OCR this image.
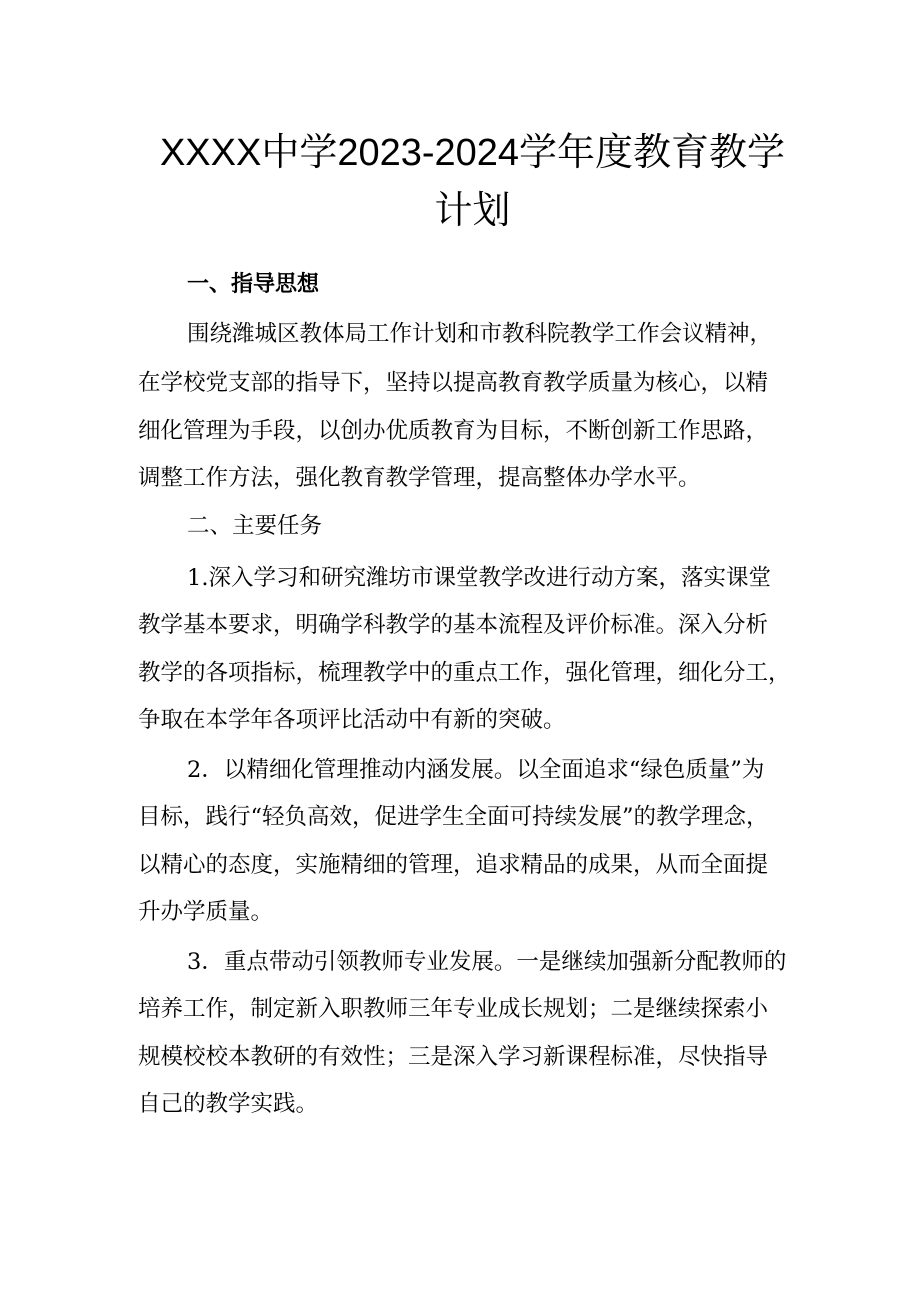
XXXX中学2023-2024学年度教育教学
计划
一、指导思想
围绕潍城区教体局工作计划和市教科院教学工作会议精神，
在学校党支部的指导下，坚持以提高教育教学质量为核心，以精
细化管理为手段，以创办优质教育为目标，不断创新工作思路，
调整工作方法，强化教育教学管理，提高整体办学水平。
二、主要任务
1.深入学习和研究潍坊市课堂教学改进行动方案，落实课堂
教学基本要求，明确学科教学的基本流程及评价标准。深入分析
教学的各项指标，梳理教学中的重点工作，强化管理，细化分工，
争取在本学年各项评比活动中有新的突破。
2．以精细化管理推动内涵发展。以全面追求“绿色质量”为
目标，践行“轻负高效，促进学生全面可持续发展”的教学理念，
以精心的态度，实施精细的管理，追求精品的成果，从而全面提
升办学质量。
3．重点带动引领教师专业发展。一是继续加强新分配教师的
培养工作，制定新入职教师三年专业成长规划；二是继续探索小
规模校校本教研的有效性；三是深入学习新课程标准，尽快指导
自己的教学实践。
